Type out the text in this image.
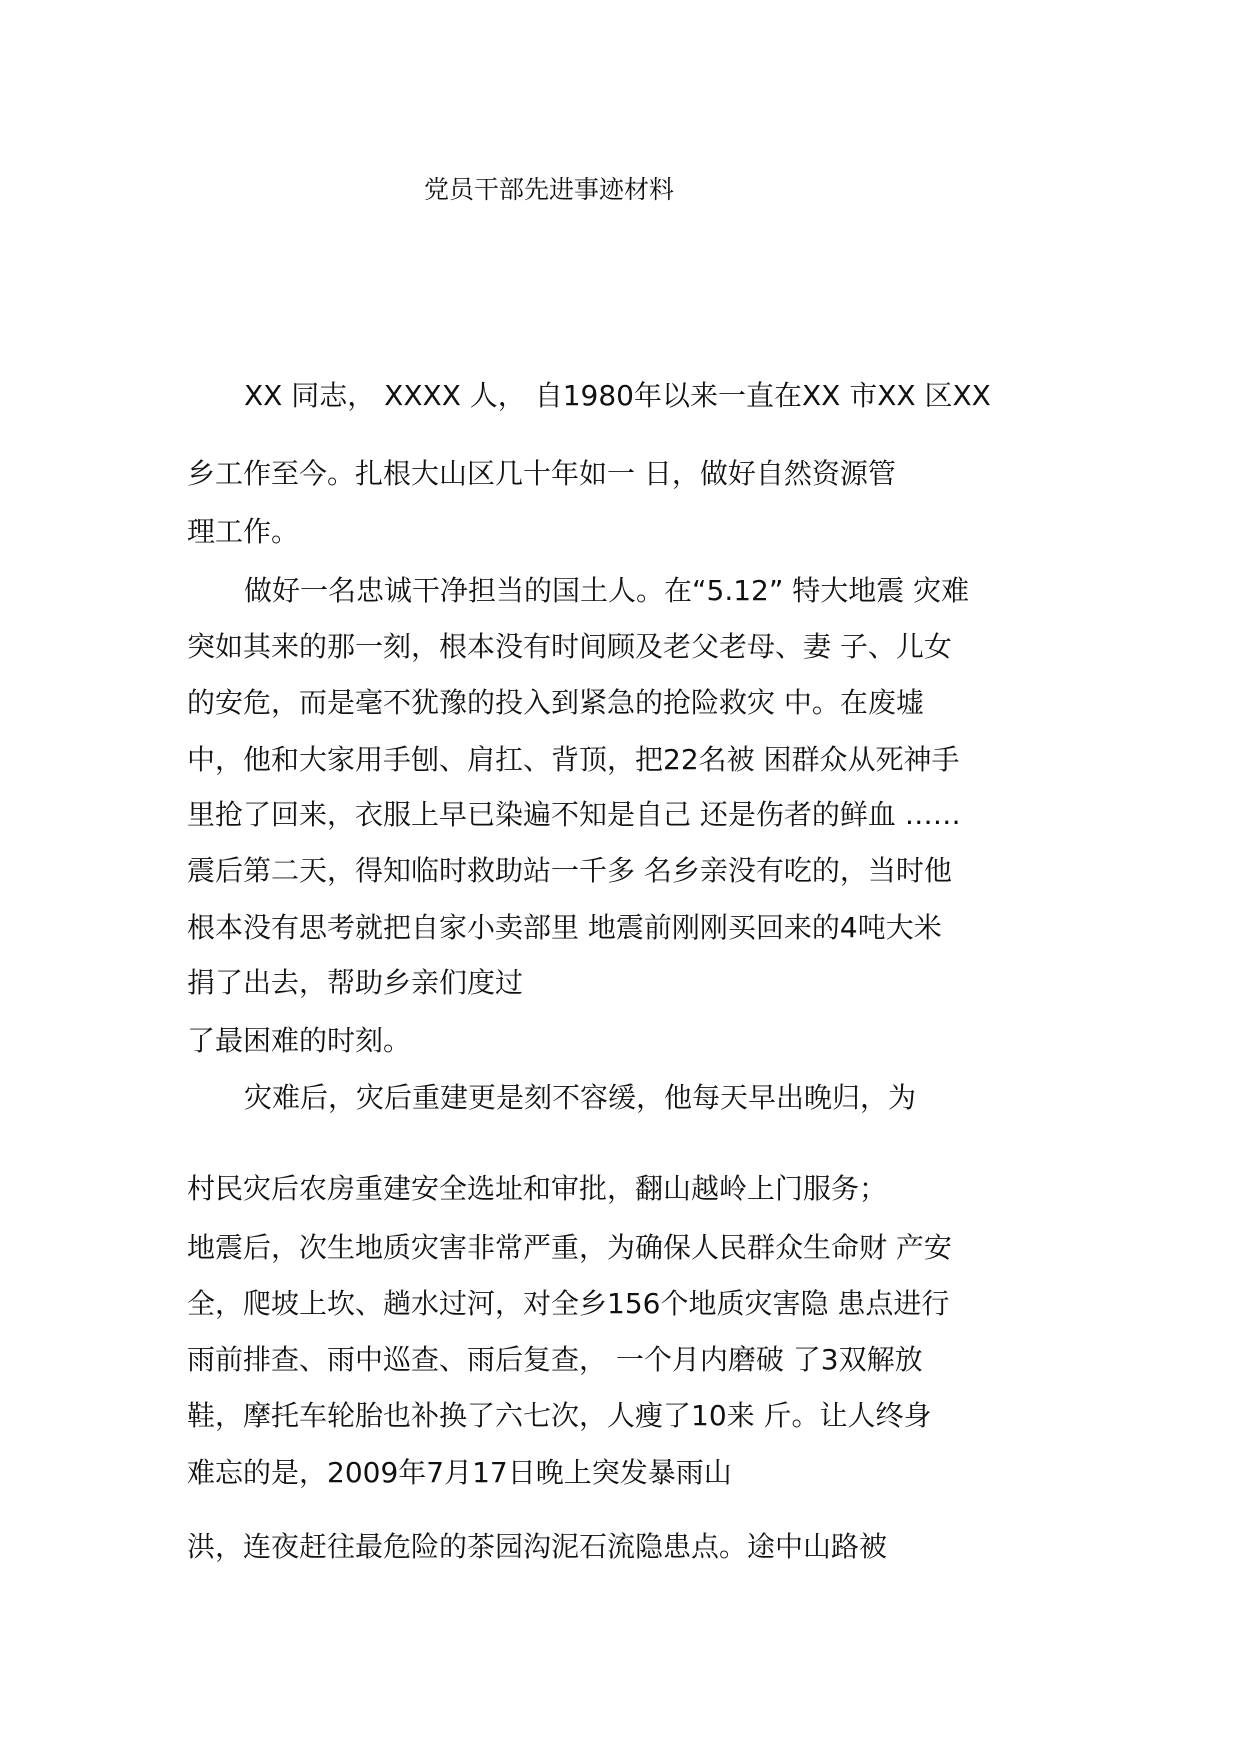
党员干部先进事迹材料
XX 同志， XXXX 人， 自1980年以来一直在XX 市XX 区XX
乡工作至今。扎根大山区几十年如一 日，做好自然资源管
理工作。
做好一名忠诚干净担当的国土人。在“5.12” 特大地震 灾难
突如其来的那一刻，根本没有时间顾及老父老母、妻 子、儿女
的安危，而是毫不犹豫的投入到紧急的抢险救灾 中。在废墟
中，他和大家用手刨、肩扛、背顶，把22名被 困群众从死神手
里抢了回来，衣服上早已染遍不知是自己 还是伤者的鲜血 ……
震后第二天，得知临时救助站一千多 名乡亲没有吃的，当时他
根本没有思考就把自家小卖部里 地震前刚刚买回来的4吨大米
捐了出去，帮助乡亲们度过
了最困难的时刻。
灾难后，灾后重建更是刻不容缓，他每天早出晚归，为
村民灾后农房重建安全选址和审批，翻山越岭上门服务；
地震后，次生地质灾害非常严重，为确保人民群众生命财 产安
全，爬坡上坎、趟水过河，对全乡156个地质灾害隐 患点进行
雨前排查、雨中巡查、雨后复查， 一个月内磨破 了3双解放
鞋，摩托车轮胎也补换了六七次，人瘦了10来 斤。让人终身
难忘的是，2009年7月17日晚上突发暴雨山
洪，连夜赶往最危险的茶园沟泥石流隐患点。途中山路被
